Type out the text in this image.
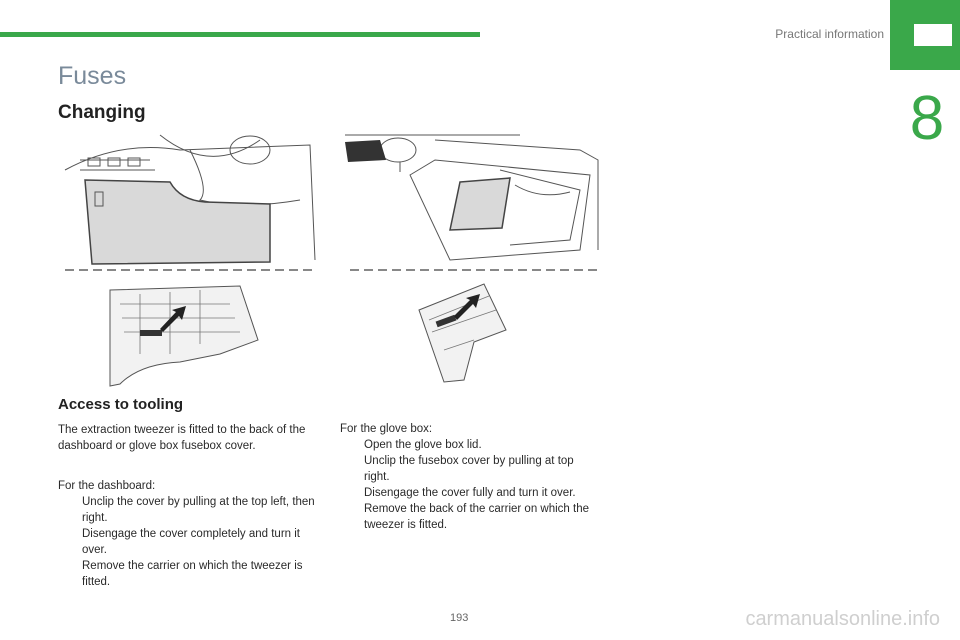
Practical information
8
Fuses
Changing
Access to tooling

The extraction tweezer is fitted to the back of the dashboard or glove box fusebox cover.

For the dashboard:
Unclip the cover by pulling at the top left, then right.
Disengage the cover completely and turn it over.
Remove the carrier on which the tweezer is fitted.
For the glove box:
Open the glove box lid.
Unclip the fusebox cover by pulling at top right.
Disengage the cover fully and turn it over.
Remove the back of the carrier on which the tweezer is fitted.
193	carmanualsonline.info
